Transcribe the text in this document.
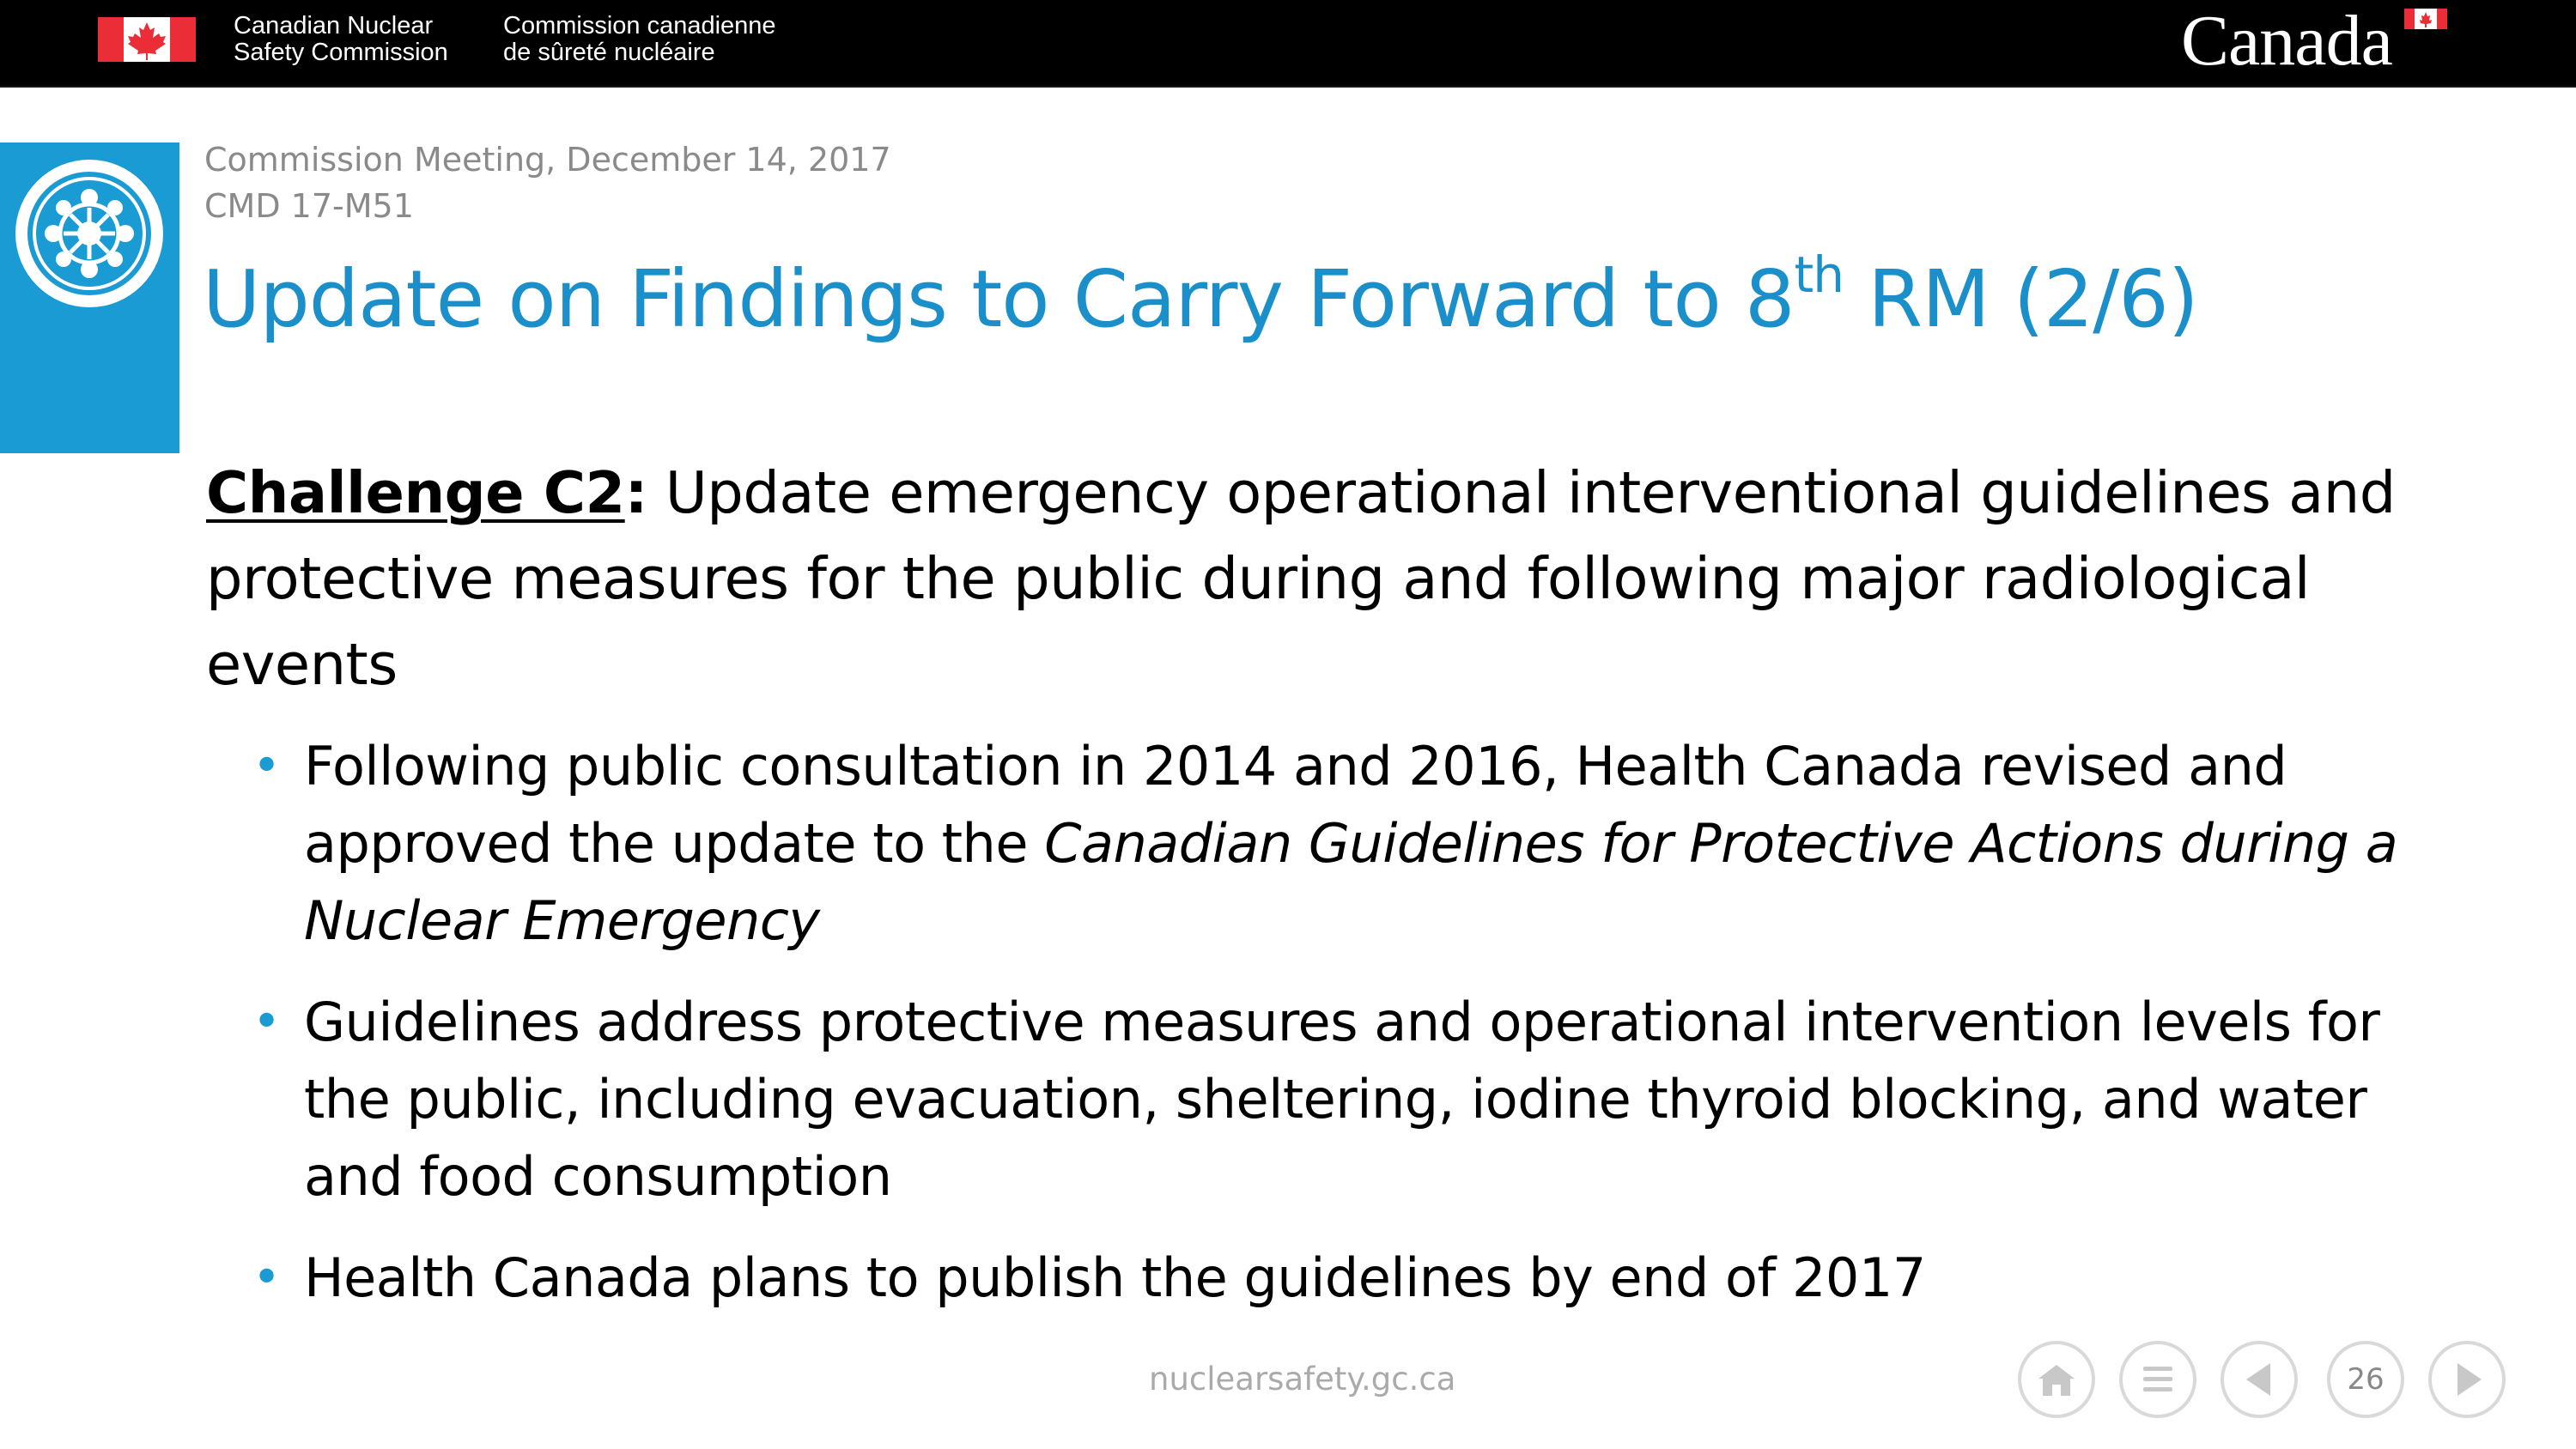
Canadian Nuclear
Safety Commission
Commission canadienne
de sûreté nucléaire	Canada
Commission Meeting, December 14, 2017
CMD 17-M51
Update on Findings to Carry Forward to 8th RM (2/6)

Challenge C2: Update emergency operational interventional guidelines and protective measures for the public during and following major radiological events

• Following public consultation in 2014 and 2016, Health Canada revised and approved the update to the Canadian Guidelines for Protective Actions during a Nuclear Emergency
• Guidelines address protective measures and operational intervention levels for the public, including evacuation, sheltering, iodine thyroid blocking, and water and food consumption
• Health Canada plans to publish the guidelines by end of 2017
nuclearsafety.gc.ca	26
